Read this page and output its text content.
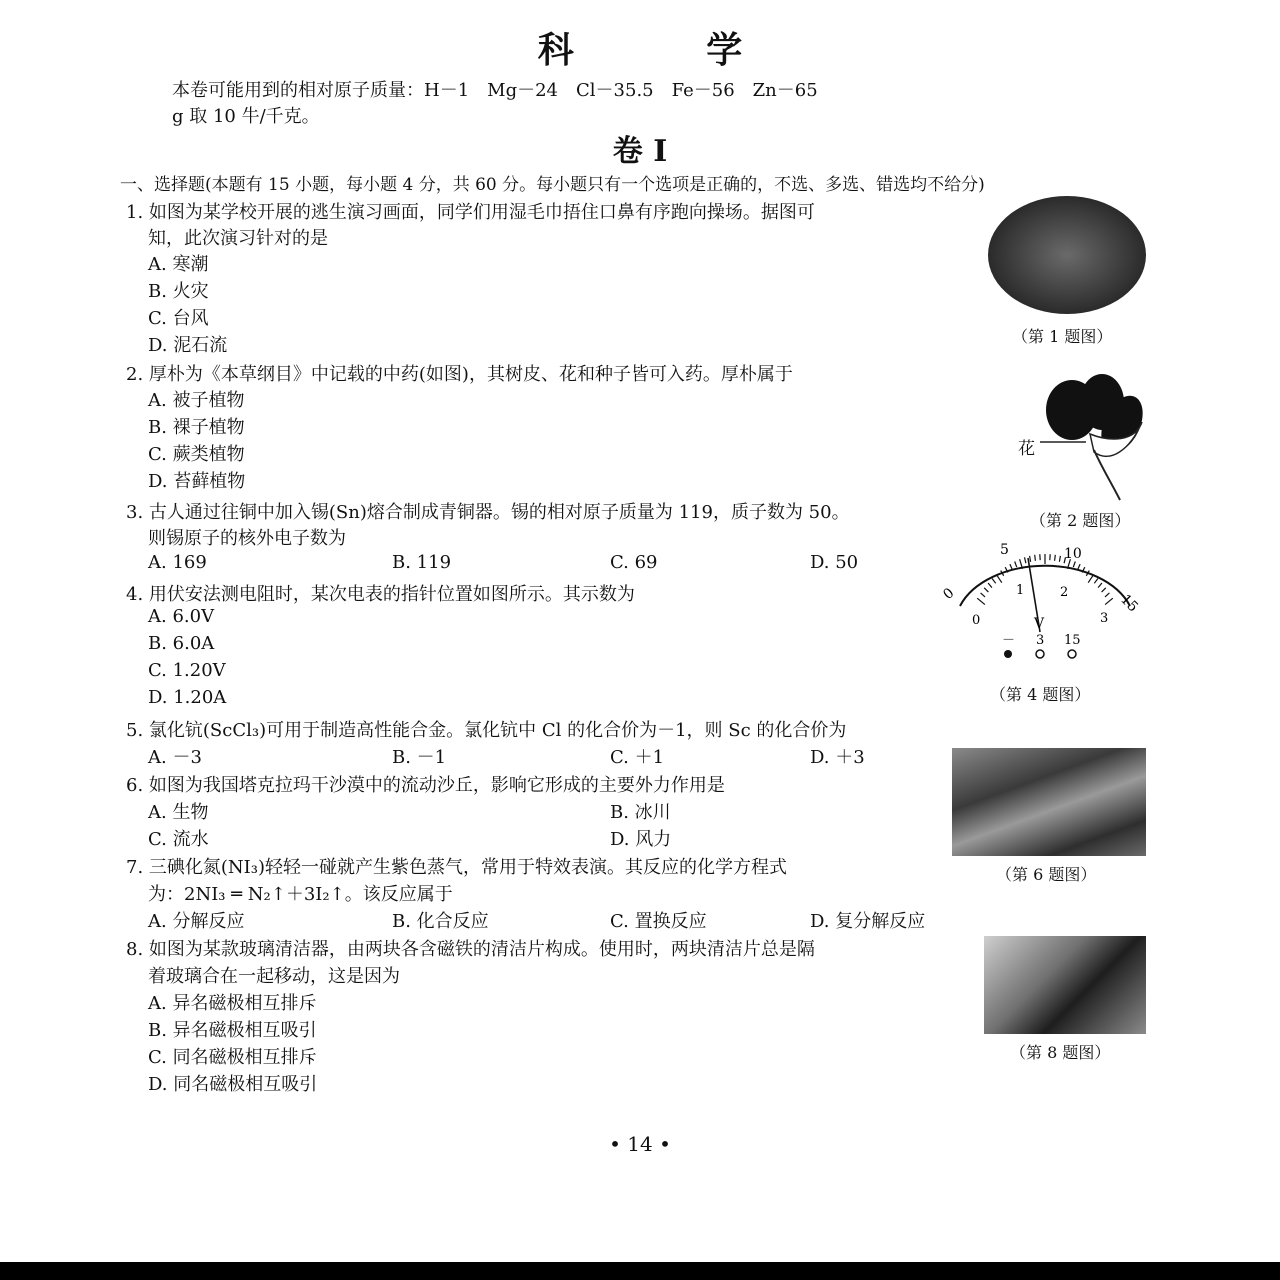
科 学
本卷可能用到的相对原子质量：H－1　Mg－24　Cl－35.5　Fe－56　Zn－65
g 取 10 牛/千克。
卷 Ⅰ
一、选择题(本题有 15 小题，每小题 4 分，共 60 分。每小题只有一个选项是正确的，不选、多选、错选均不给分)
1. 如图为某学校开展的逃生演习画面，同学们用湿毛巾捂住口鼻有序跑向操场。据图可
知，此次演习针对的是
A. 寒潮
B. 火灾
C. 台风
D. 泥石流	（第 1 题图）
2. 厚朴为《本草纲目》中记载的中药(如图)，其树皮、花和种子皆可入药。厚朴属于
A. 被子植物
B. 裸子植物
C. 蕨类植物
D. 苔藓植物
花
（第 2 题图）
3. 古人通过往铜中加入锡(Sn)熔合制成青铜器。锡的相对原子质量为 119，质子数为 50。
则锡原子的核外电子数为
A. 169	B. 119	C. 69	D. 50
4. 用伏安法测电阻时，某次电表的指针位置如图所示。其示数为
A. 6.0V
B. 6.0A
C. 1.20V
D. 1.20A
0
5	10
15
0
1	2
3
V
－ 3 15
（第 4 题图）
5. 氯化钪(ScCl₃)可用于制造高性能合金。氯化钪中 Cl 的化合价为－1，则 Sc 的化合价为
A. －3	B. －1	C. ＋1	D. ＋3
6. 如图为我国塔克拉玛干沙漠中的流动沙丘，影响它形成的主要外力作用是
A. 生物	B. 冰川
C. 流水	D. 风力
（第 6 题图）
7. 三碘化氮(NI₃)轻轻一碰就产生紫色蒸气，常用于特效表演。其反应的化学方程式
为：2NI₃ ═ N₂↑＋3I₂↑。该反应属于
A. 分解反应	B. 化合反应	C. 置换反应	D. 复分解反应
8. 如图为某款玻璃清洁器，由两块各含磁铁的清洁片构成。使用时，两块清洁片总是隔
着玻璃合在一起移动，这是因为
A. 异名磁极相互排斥
B. 异名磁极相互吸引
C. 同名磁极相互排斥
D. 同名磁极相互吸引
（第 8 题图）
• 14 •
